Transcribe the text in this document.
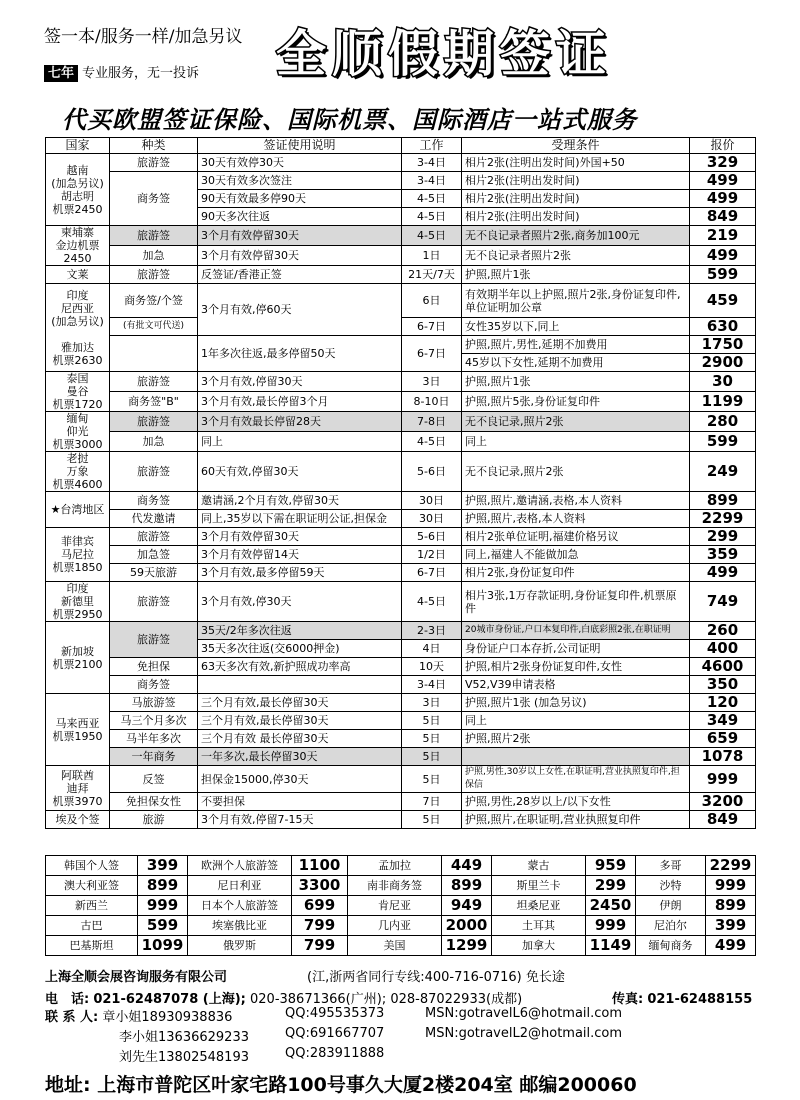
签一本/服务一样/加急另议
七年 专业服务，无一投诉 全顺假期签证
代买欧盟签证保险、国际机票、国际酒店一站式服务
国家	种类	签证使用说明	工作	受理条件	报价
越南
(加急另议)
胡志明
机票2450	旅游签	30天有效停30天	3-4日	相片2张(注明出发时间)外国+50	329
	商务签	30天有效多次签注	3-4日	相片2张(注明出发时间)	499
		90天有效最多停90天	4-5日	相片2张(注明出发时间)	499
		90天多次往返	4-5日	相片2张(注明出发时间)	849
柬埔寨
金边机票2450	旅游签	3个月有效停留30天	4-5日	无不良记录者照片2张,商务加100元	219
	加急	3个月有效停留30天	1日	无不良记录者照片2张	499
文莱	旅游签	反签证/香港正签	21天/7天	护照,照片1张	599
印度
尼西亚
(加急另议)

雅加达
机票2630	商务签/个签	3个月有效,停60天	6日	有效期半年以上护照,照片2张,身份证复印件,单位证明加公章	459
	(有批文可代送)		6-7日	女性35岁以下,同上	630
		1年多次往返,最多停留50天	6-7日	护照,照片,男性,延期不加费用	1750
				45岁以下女性,延期不加费用	2900
泰国
曼谷
机票1720	旅游签	3个月有效,停留30天	3日	护照,照片1张	30
	商务签"B"	3个月有效,最长停留3个月	8-10日	护照,照片5张,身份证复印件	1199
缅甸
仰光
机票3000	旅游签	3个月有效最长停留28天	7-8日	无不良记录,照片2张	280
	加急	同上	4-5日	同上	599
老挝
万象
机票4600	旅游签	60天有效,停留30天	5-6日	无不良记录,照片2张	249
★台湾地区	商务签	邀请涵,2个月有效,停留30天	30日	护照,照片,邀请涵,表格,本人资料	899
	代发邀请	同上,35岁以下需在职证明公证,担保金	30日	护照,照片,表格,本人资料	2299
菲律宾
马尼拉
机票1850	旅游签	3个月有效停留30天	5-6日	相片2张单位证明,福建价格另议	299
	加急签	3个月有效停留14天	1/2日	同上,福建人不能做加急	359
	59天旅游	3个月有效,最多停留59天	6-7日	相片2张,身份证复印件	499
印度
新德里
机票2950	旅游签	3个月有效,停30天	4-5日	相片3张,1万存款证明,身份证复印件,机票原件	749
新加坡
机票2100	旅游签	35天/2年多次往返	2-3日	20城市身份证,户口本复印件,白底彩照2张,在职证明	260
		35天多次往返(交6000押金)	4日	身份证户口本存折,公司证明	400
	免担保	63天多次有效,新护照成功率高	10天	护照,相片2张身份证复印件,女性	4600
	商务签		3-4日	V52,V39申请表格	350
马来西亚
机票1950	马旅游签	三个月有效,最长停留30天	3日	护照,照片1张 (加急另议)	120
	马三个月多次	三个月有效,最长停留30天	5日	同上	349
	马半年多次	三个月有效 最长停留30天	5日	护照,照片2张	659
	一年商务	一年多次,最长停留30天	5日		1078
阿联酋
迪拜
机票3970	反签	担保金15000,停30天	5日	护照,男性,30岁以上女性,在职证明,营业执照复印件,担保信	999
	免担保女性	不要担保	7日	护照,男性,28岁以上/以下女性	3200
埃及个签	旅游	3个月有效,停留7-15天	5日	护照,照片,在职证明,营业执照复印件	849
韩国个人签	399	欧洲个人旅游签	1100	孟加拉	449	蒙古	959	多哥	2299
澳大利亚签	899	尼日利亚	3300	南非商务签	899	斯里兰卡	299	沙特	999
新西兰	999	日本个人旅游签	699	肯尼亚	949	坦桑尼亚	2450	伊朗	899
古巴	599	埃塞俄比亚	799	几内亚	2000	土耳其	999	尼泊尔	399
巴基斯坦	1099	俄罗斯	799	美国	1299	加拿大	1149	缅甸商务	499
上海全顺会展咨询服务有限公司	(江,浙两省同行专线:400-716-0716) 免长途
电　话: 021-62487078 (上海); 020-38671366(广州); 028-87022933(成都)	传真: 021-62488155
联 系 人: 章小姐18930938836	QQ:495535373	MSN:gotravelL6@hotmail.com
李小姐13636629233	QQ:691667707	MSN:gotravelL2@hotmail.com
刘先生13802548193	QQ:283911888
地址: 上海市普陀区叶家宅路100号事久大厦2楼204室 邮编200060
